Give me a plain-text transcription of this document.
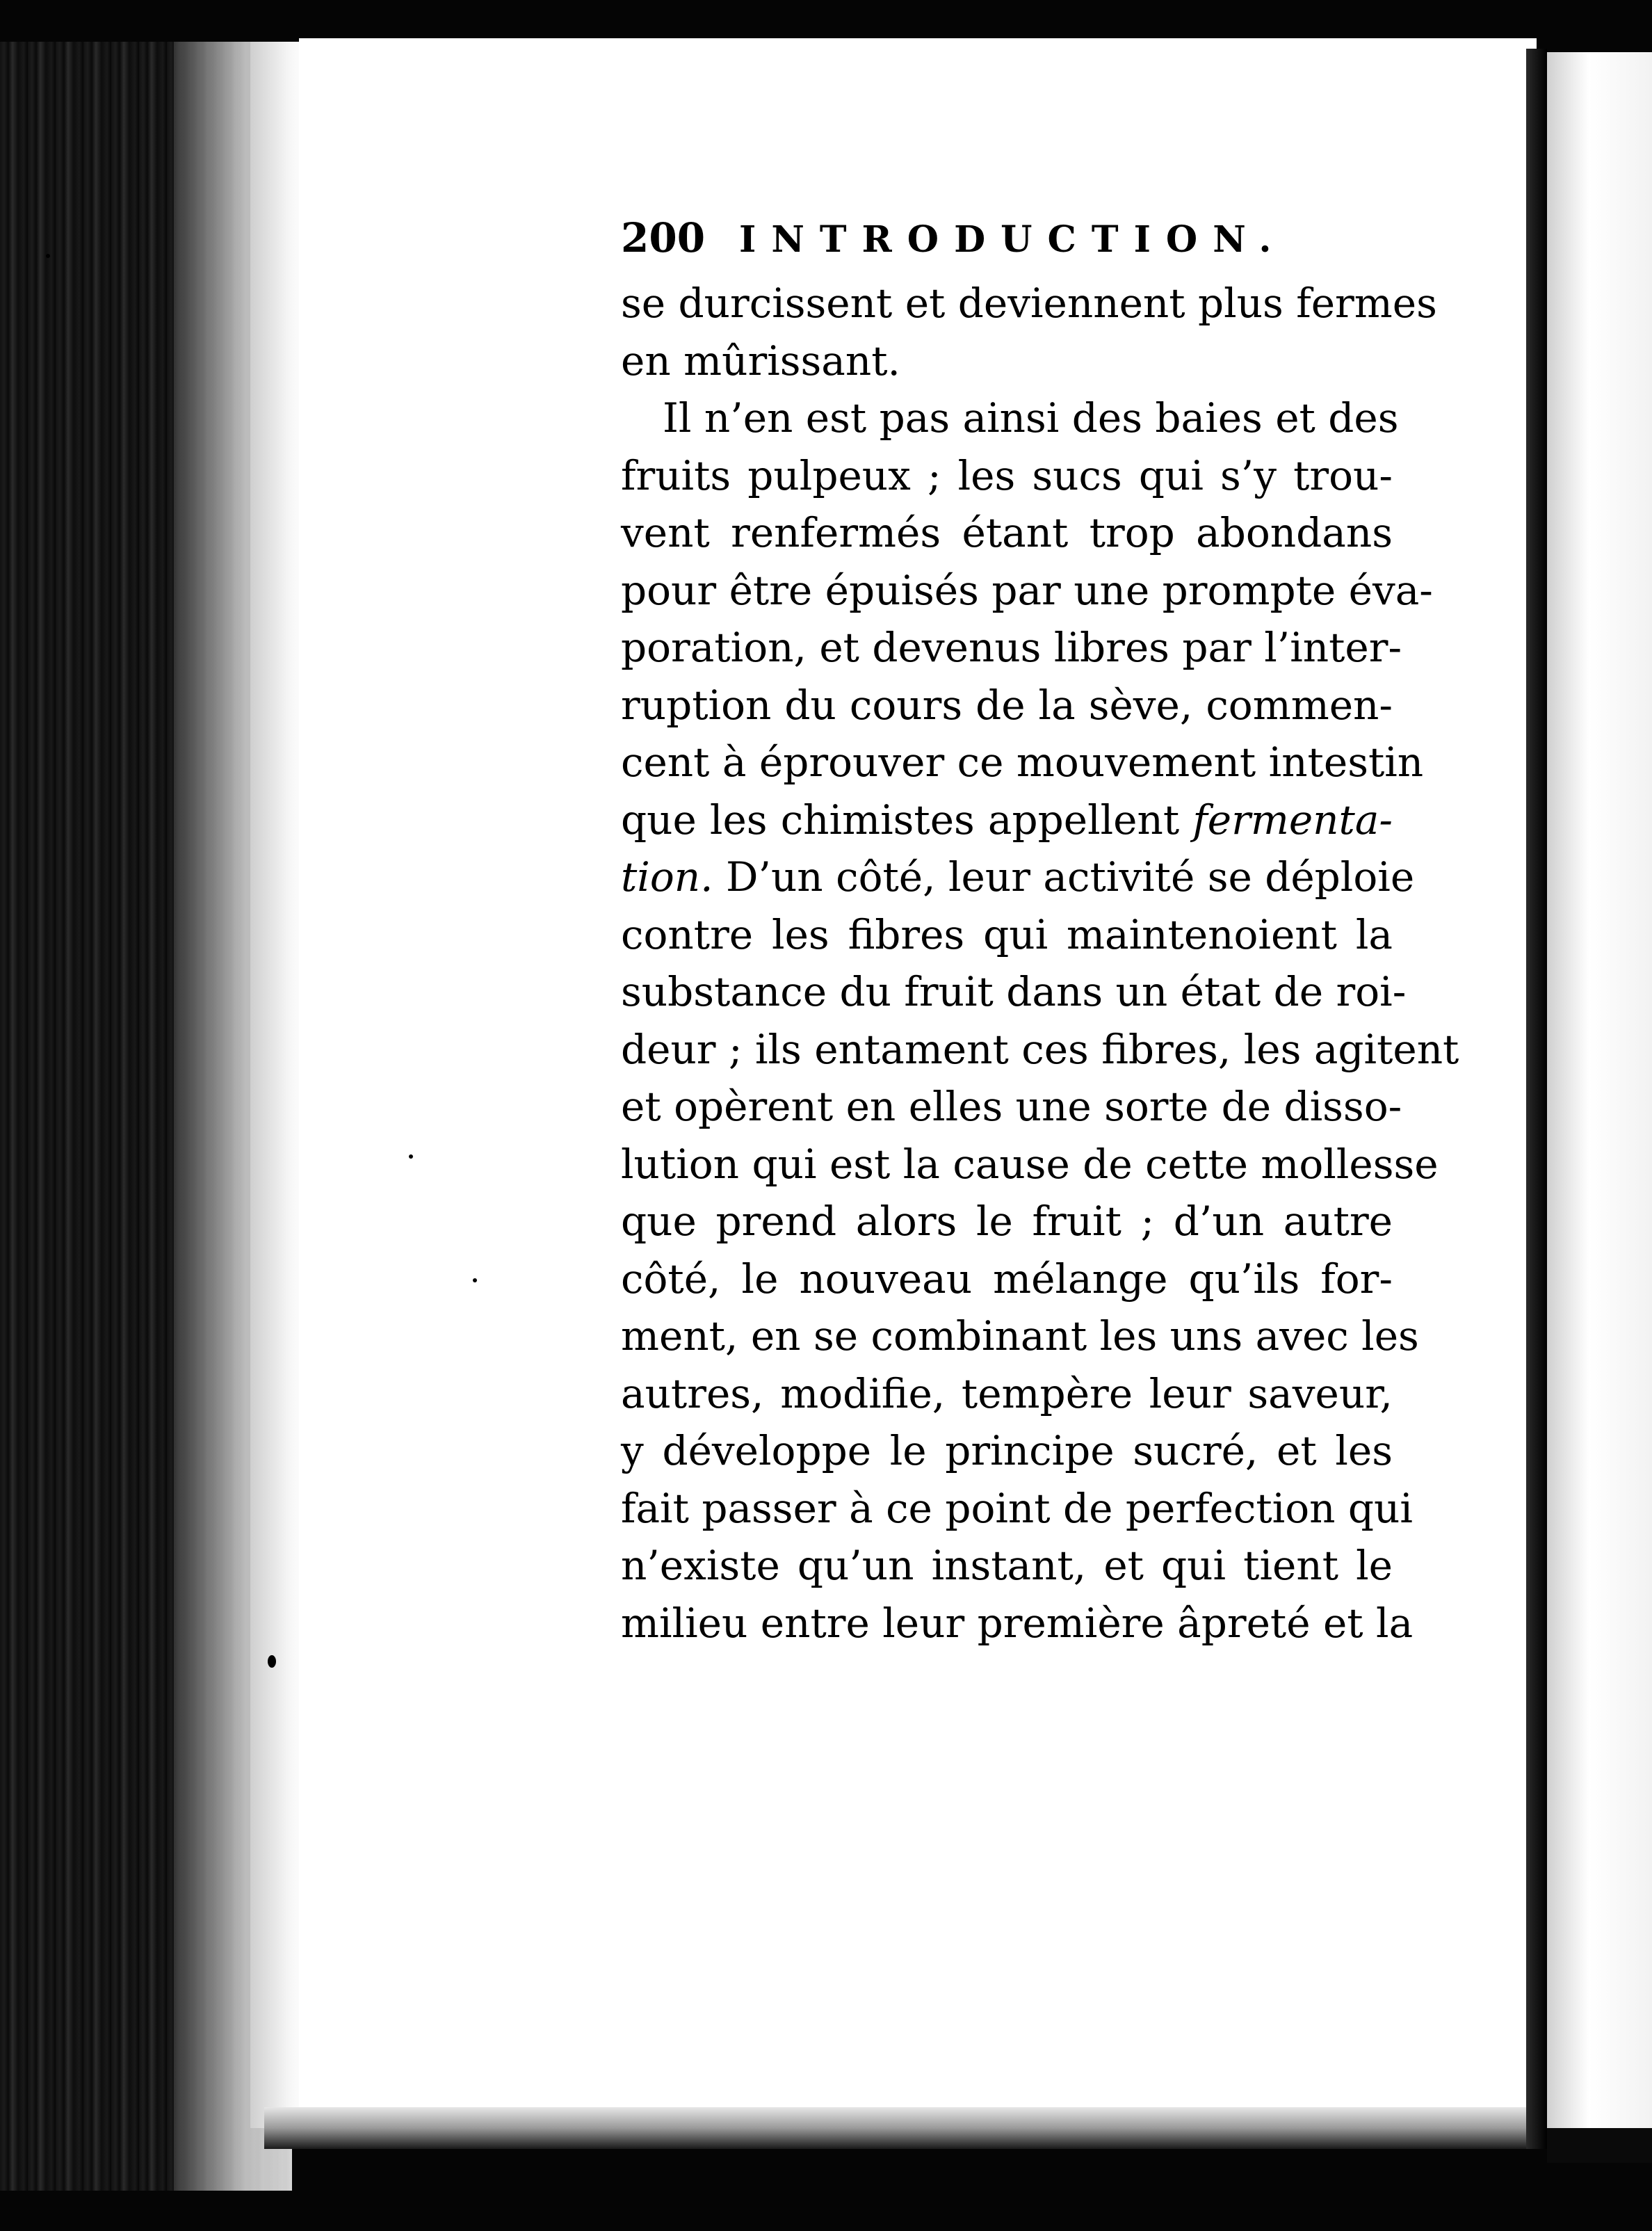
200 INTRODUCTION.
se durcissent et deviennent plus fermes
en mûrissant.
Il n’en est pas ainsi des baies et des
fruits pulpeux ; les sucs qui s’y trou-
vent renfermés étant trop abondans
pour être épuisés par une prompte éva-
poration, et devenus libres par l’inter-
ruption du cours de la sève, commen-
cent à éprouver ce mouvement intestin
que les chimistes appellent fermenta-
tion. D’un côté, leur activité se déploie
contre les fibres qui maintenoient la
substance du fruit dans un état de roi-
deur ; ils entament ces fibres, les agitent
et opèrent en elles une sorte de disso-
lution qui est la cause de cette mollesse
que prend alors le fruit ; d’un autre
côté, le nouveau mélange qu’ils for-
ment, en se combinant les uns avec les
autres, modifie, tempère leur saveur,
y développe le principe sucré, et les
fait passer à ce point de perfection qui
n’existe qu’un instant, et qui tient le
milieu entre leur première âpreté et la
